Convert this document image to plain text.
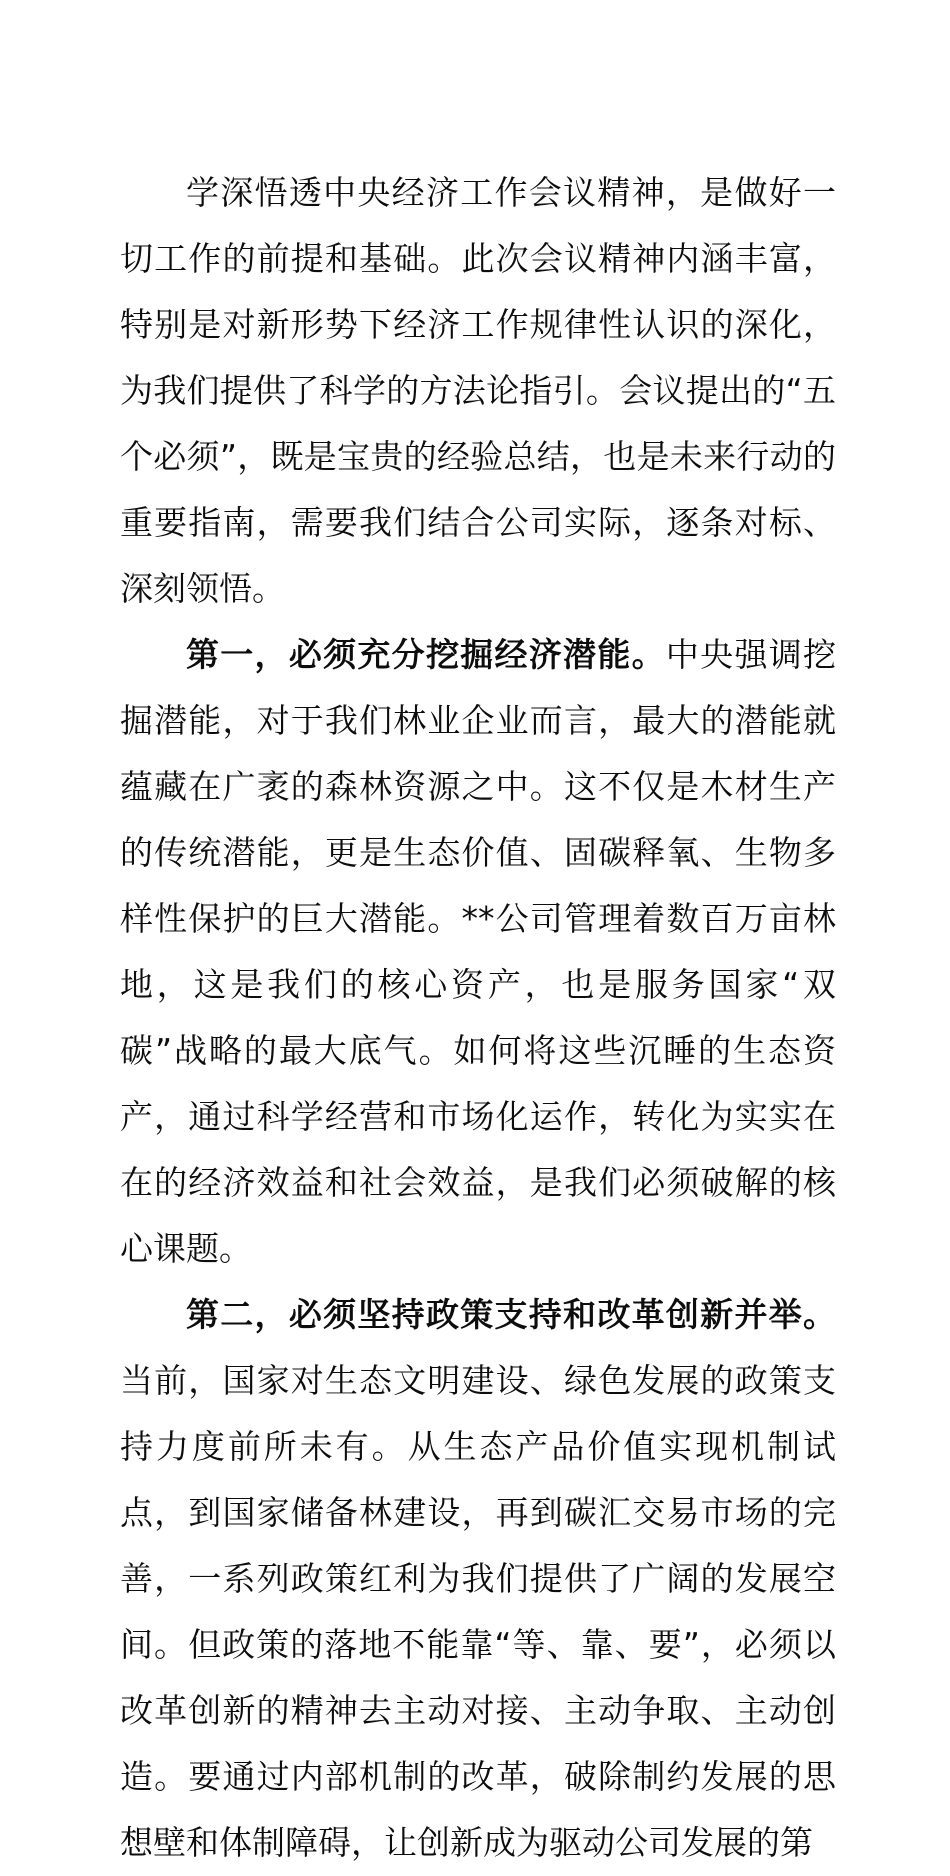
学深悟透中央经济工作会议精神，是做好一切工作的前提和基础。此次会议精神内涵丰富，特别是对新形势下经济工作规律性认识的深化，为我们提供了科学的方法论指引。会议提出的“五个必须”，既是宝贵的经验总结，也是未来行动的重要指南，需要我们结合公司实际，逐条对标、深刻领悟。

第一，必须充分挖掘经济潜能。中央强调挖掘潜能，对于我们林业企业而言，最大的潜能就蕴藏在广袤的森林资源之中。这不仅是木材生产的传统潜能，更是生态价值、固碳释氧、生物多样性保护的巨大潜能。**公司管理着数百万亩林地，这是我们的核心资产，也是服务国家“双碳”战略的最大底气。如何将这些沉睡的生态资产，通过科学经营和市场化运作，转化为实实在在的经济效益和社会效益，是我们必须破解的核心课题。

第二，必须坚持政策支持和改革创新并举。当前，国家对生态文明建设、绿色发展的政策支持力度前所未有。从生态产品价值实现机制试点，到国家储备林建设，再到碳汇交易市场的完善，一系列政策红利为我们提供了广阔的发展空间。但政策的落地不能靠“等、靠、要”，必须以改革创新的精神去主动对接、主动争取、主动创造。要通过内部机制的改革，破除制约发展的思想壁和体制障碍，让创新成为驱动公司发展的第
